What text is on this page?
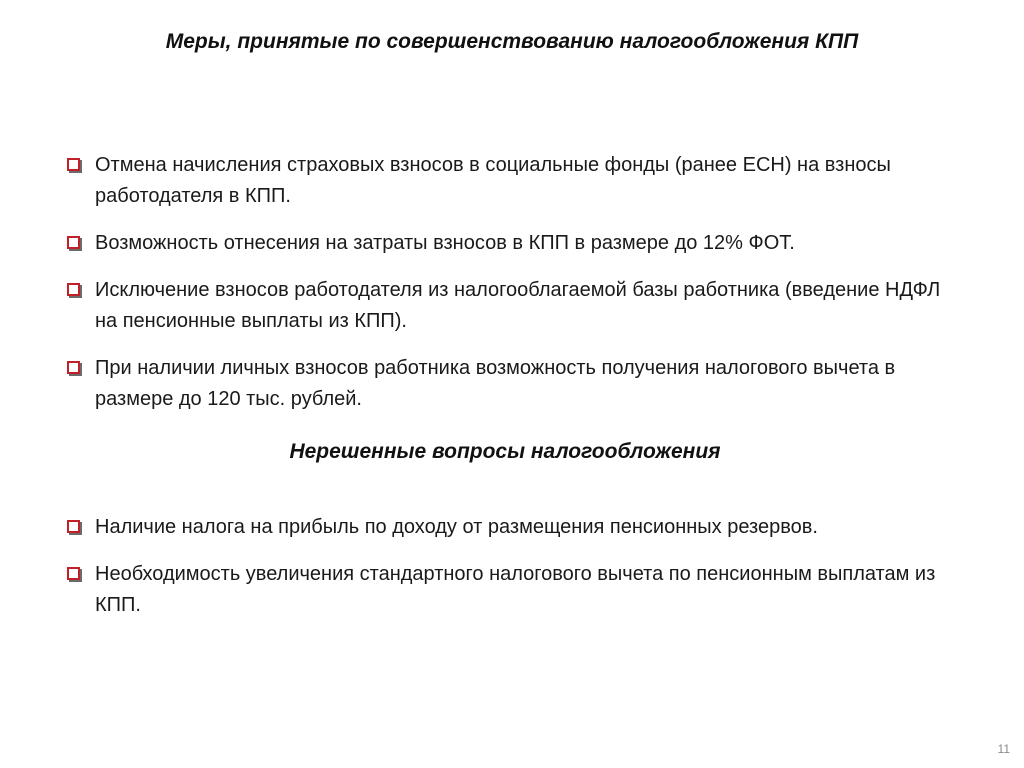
Меры, принятые по совершенствованию налогообложения КПП
Отмена начисления страховых взносов в социальные фонды (ранее ЕСН) на взносы работодателя в КПП.
Возможность отнесения на затраты взносов в КПП в размере до 12% ФОТ.
Исключение взносов работодателя из налогооблагаемой базы работника (введение НДФЛ на пенсионные выплаты из КПП).
При наличии личных взносов работника возможность получения налогового вычета в размере до 120 тыс. рублей.
Нерешенные вопросы налогообложения
Наличие налога на прибыль по доходу от размещения пенсионных резервов.
Необходимость увеличения стандартного налогового вычета по пенсионным выплатам из КПП.
11
